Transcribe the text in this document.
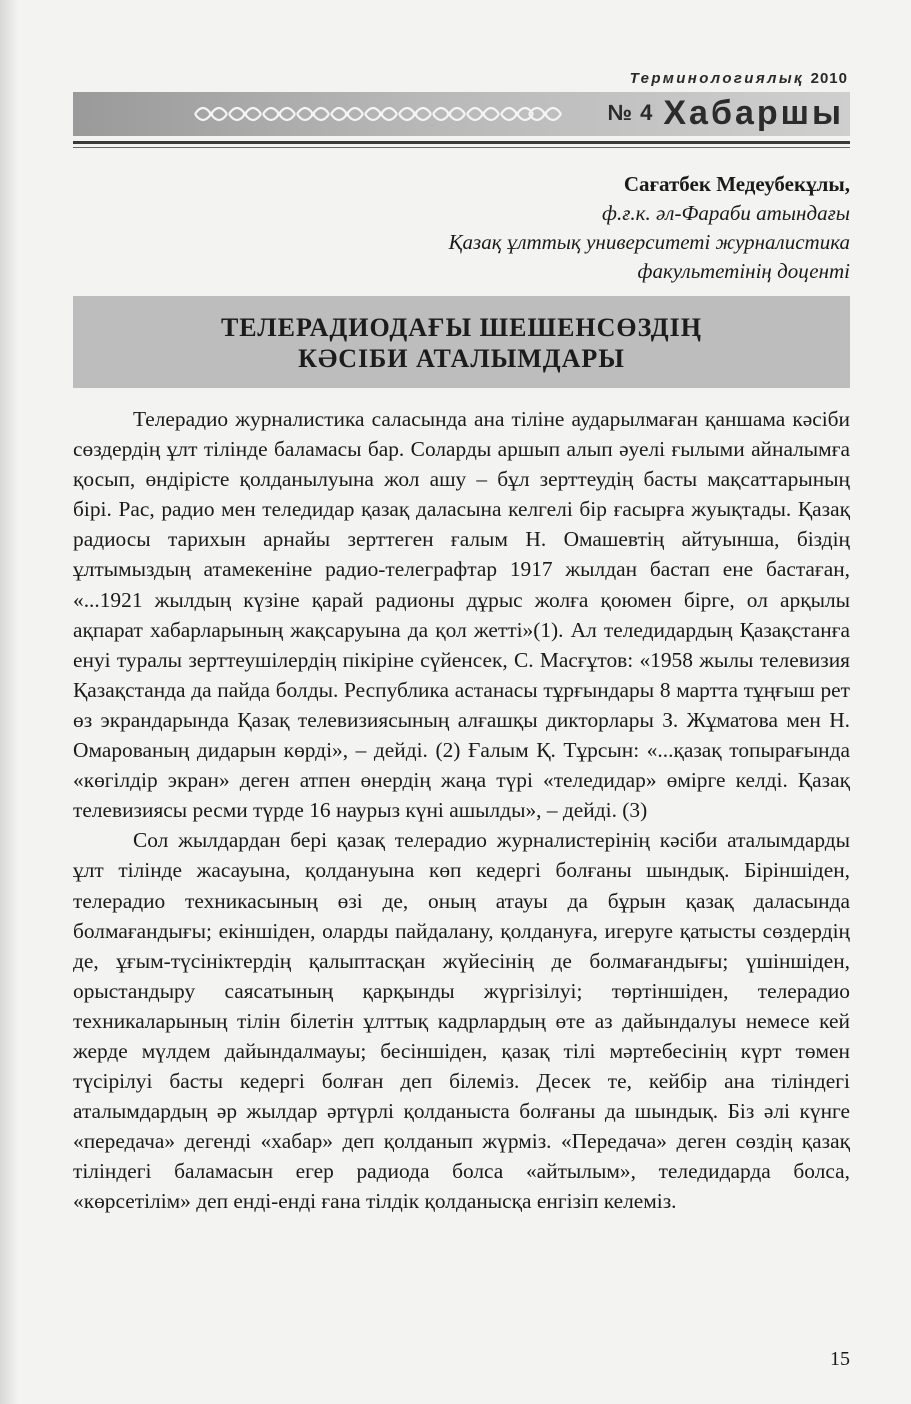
Терминологиялық 2010
№ 4 Хабаршы
Сағатбек Медеубекұлы,
ф.ғ.к. әл-Фараби атындағы
Қазақ ұлттық университеті журналистика
факультетінің доценті
ТЕЛЕРАДИОДАҒЫ ШЕШЕНСӨЗДІҢ
КӘСІБИ АТАЛЫМДАРЫ

Телерадио журналистика саласында ана тіліне аударылмаған қаншама кәсіби сөздердің ұлт тілінде баламасы бар. Соларды аршып алып әуелі ғылыми айналымға қосып, өндірісте қолданылуына жол ашу – бұл зерттеудің басты мақсаттарының бірі. Рас, радио мен теледидар қазақ даласына келгелі бір ғасырға жуықтады. Қазақ радиосы тарихын арнайы зерттеген ғалым Н. Омашевтің айтуынша, біздің ұлтымыздың атамекеніне радио-телеграфтар 1917 жылдан бастап ене бастаған, «...1921 жылдың күзіне қарай радионы дұрыс жолға қоюмен бірге, ол арқылы ақпарат хабарларының жақсаруына да қол жетті»(1). Ал теледидардың Қазақстанға енуі туралы зерттеушілердің пікіріне сүйенсек, С. Масғұтов: «1958 жылы телевизия Қазақстанда да пайда болды. Республика астанасы тұрғындары 8 мартта тұңғыш рет өз экрандарында Қазақ телевизиясының алғашқы дикторлары З. Жұматова мен Н. Омарованың дидарын көрді», – дейді. (2) Ғалым Қ. Тұрсын: «...қазақ топырағында «көгілдір экран» деген атпен өнердің жаңа түрі «теледидар» өмірге келді. Қазақ телевизиясы ресми түрде 16 наурыз күні ашылды», – дейді. (3)

Сол жылдардан бері қазақ телерадио журналистерінің кәсіби аталымдарды ұлт тілінде жасауына, қолдануына көп кедергі болғаны шындық. Біріншіден, телерадио техникасының өзі де, оның атауы да бұрын қазақ даласында болмағандығы; екіншіден, оларды пайдалану, қолдануға, игеруге қатысты сөздердің де, ұғым-түсініктердің қалыптасқан жүйесінің де болмағандығы; үшіншіден, орыстандыру саясатының қарқынды жүргізілуі; төртіншіден, телерадио техникаларының тілін білетін ұлттық кадрлардың өте аз дайындалуы немесе кей жерде мүлдем дайындалмауы; бесіншіден, қазақ тілі мәртебесінің күрт төмен түсірілуі басты кедергі болған деп білеміз. Десек те, кейбір ана тіліндегі аталымдардың әр жылдар әртүрлі қолданыста болғаны да шындық. Біз әлі күнге «передача» дегенді «хабар» деп қолданып жүрміз. «Передача» деген сөздің қазақ тіліндегі баламасын егер радиода болса «айтылым», теледидарда болса, «көрсетілім» деп енді-енді ғана тілдік қолданысқа енгізіп келеміз.

15
